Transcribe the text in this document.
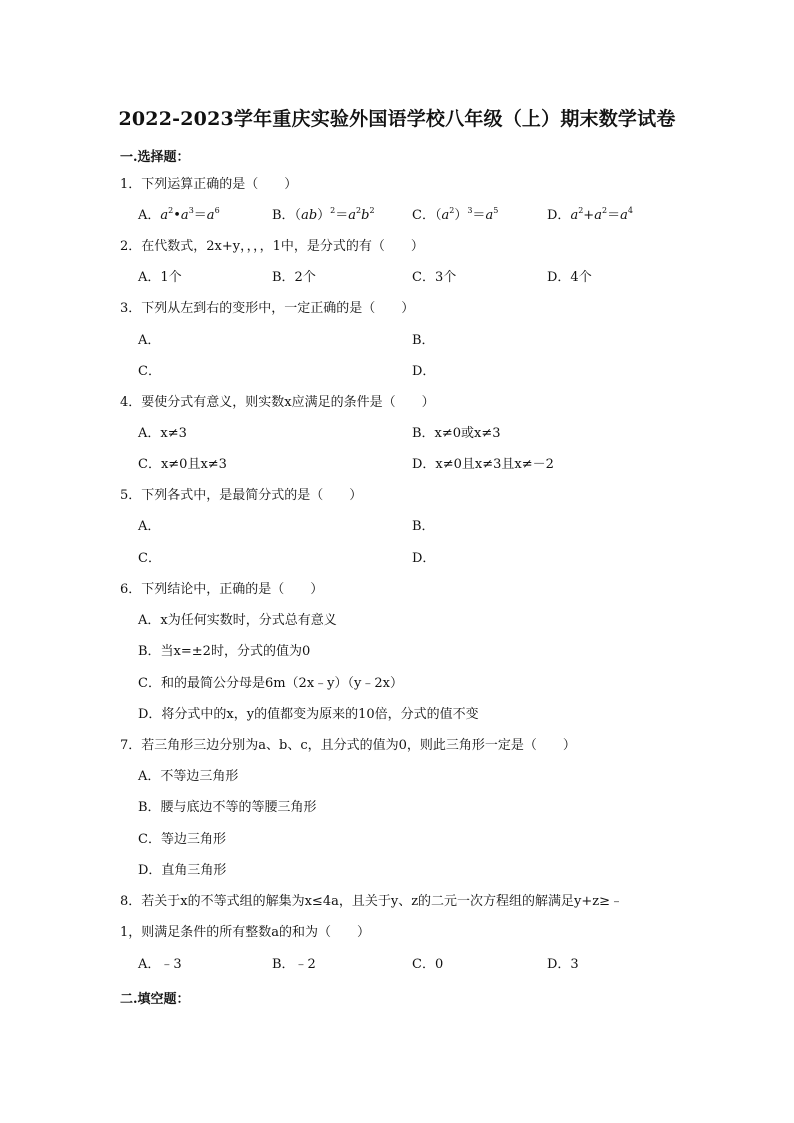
2022-2023学年重庆实验外国语学校八年级（上）期末数学试卷
一.选择题：
1．下列运算正确的是（　　）
A．$a^2•a^3=a^6$	B．$(ab)^2=a^2b^2$	C．$(a^2)^3=a^5$	D．$a^2+a^2=a^4$
2．在代数式，2x+y，，，，1中，是分式的有（　　）
A．1个	B．2个	C．3个	D．4个
3．下列从左到右的变形中，一定正确的是（　　）
A．	B．
C．	D．
4．要使分式有意义，则实数x应满足的条件是（　　）
A．x≠3	B．x≠0或x≠3
C．x≠0且x≠3	D．x≠0且x≠3且x≠－2
5．下列各式中，是最简分式的是（　　）
A．	B．
C．	D．
6．下列结论中，正确的是（　　）
A．x为任何实数时，分式总有意义
B．当x=±2时，分式的值为0
C．和的最简公分母是6m（2x﹣y）（y﹣2x）
D．将分式中的x，y的值都变为原来的10倍，分式的值不变
7．若三角形三边分别为a、b、c，且分式的值为0，则此三角形一定是（　　）
A．不等边三角形
B．腰与底边不等的等腰三角形
C．等边三角形
D．直角三角形
8．若关于x的不等式组的解集为x≤4a，且关于y、z的二元一次方程组的解满足y+z≥﹣
1，则满足条件的所有整数a的和为（　　）
A．﹣3	B．﹣2	C．0	D．3
二.填空题：
